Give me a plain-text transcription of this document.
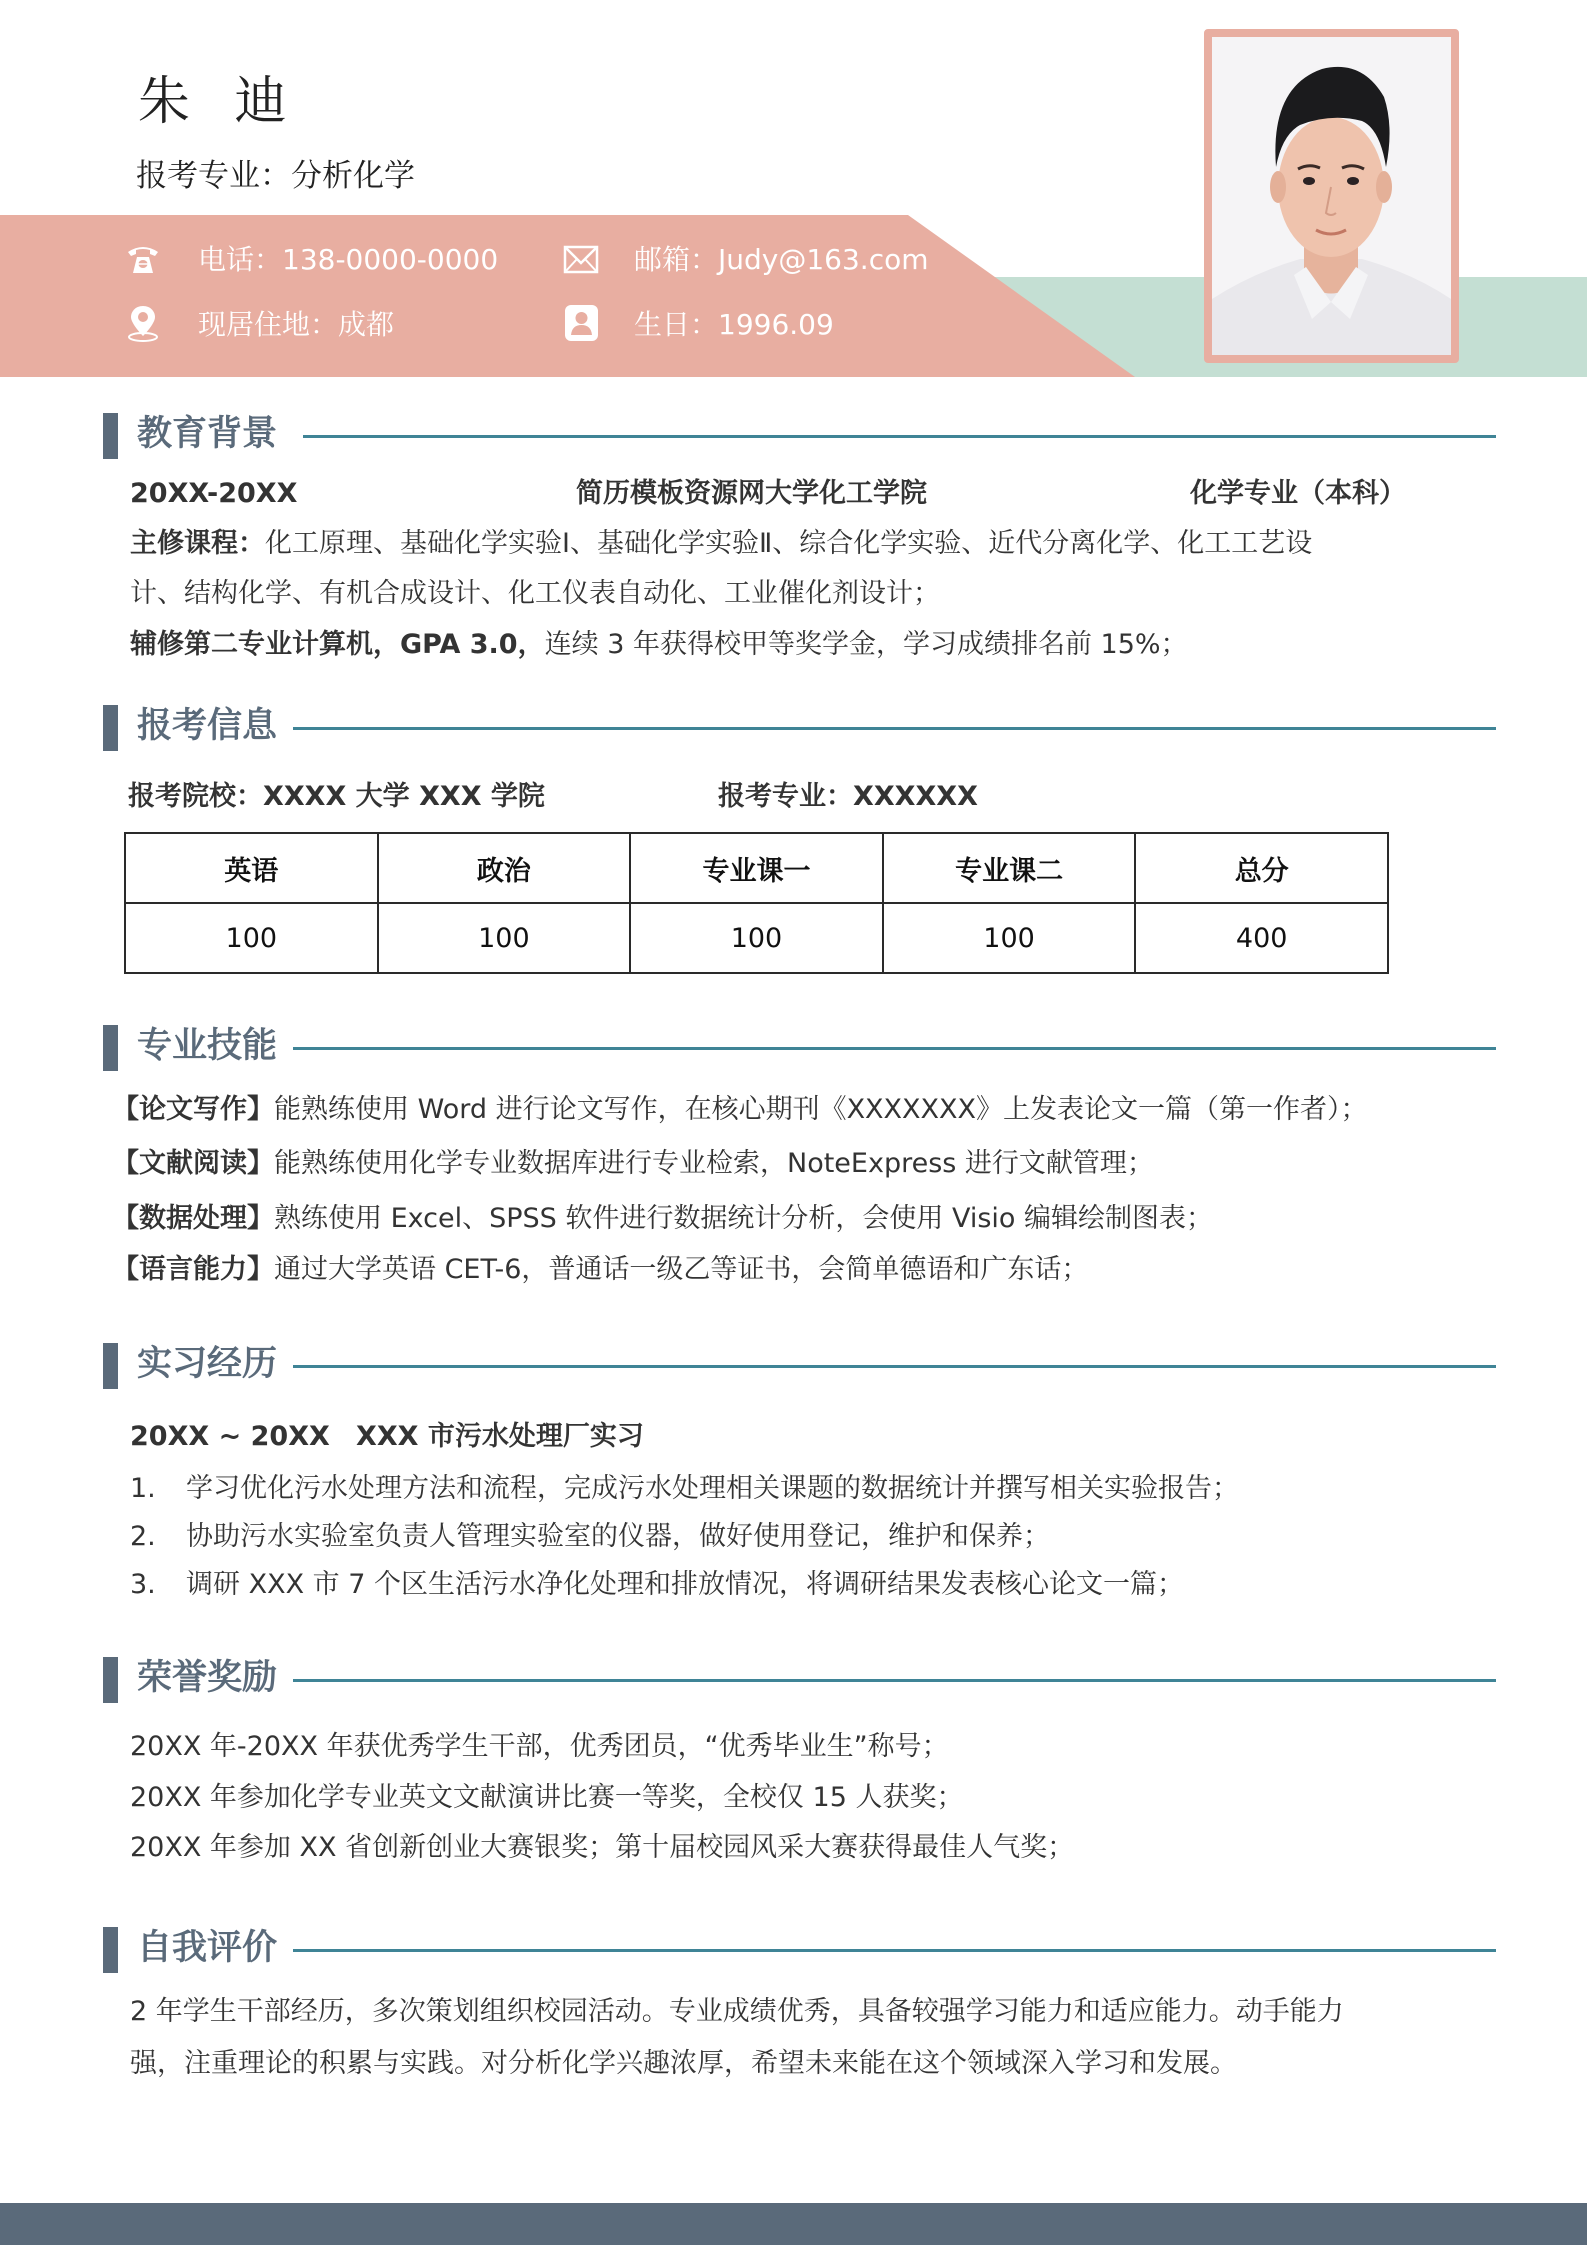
朱 迪
报考专业：分析化学
电话：138-0000-0000	邮箱：Judy@163.com
现居住地：成都	生日：1996.09
教育背景
20XX-20XX	简历模板资源网大学化工学院	化学专业（本科）
主修课程：化工原理、基础化学实验Ⅰ、基础化学实验Ⅱ、综合化学实验、近代分离化学、化工工艺设
计、结构化学、有机合成设计、化工仪表自动化、工业催化剂设计；
辅修第二专业计算机，GPA 3.0，连续 3 年获得校甲等奖学金，学习成绩排名前 15%；
报考信息
报考院校：XXXX 大学 XXX 学院	报考专业：XXXXXX
英语	政治	专业课一	专业课二	总分
100	100	100	100	400
专业技能
【论文写作】能熟练使用 Word 进行论文写作，在核心期刊《XXXXXXX》上发表论文一篇（第一作者）；
【文献阅读】能熟练使用化学专业数据库进行专业检索，NoteExpress 进行文献管理；
【数据处理】熟练使用 Excel、SPSS 软件进行数据统计分析，会使用 Visio 编辑绘制图表；
【语言能力】通过大学英语 CET-6，普通话一级乙等证书，会简单德语和广东话；
实习经历
20XX ~ 20XX XXX 市污水处理厂实习
1. 学习优化污水处理方法和流程，完成污水处理相关课题的数据统计并撰写相关实验报告；
2. 协助污水实验室负责人管理实验室的仪器，做好使用登记，维护和保养；
3. 调研 XXX 市 7 个区生活污水净化处理和排放情况，将调研结果发表核心论文一篇；
荣誉奖励
20XX 年-20XX 年获优秀学生干部，优秀团员，“优秀毕业生”称号；
20XX 年参加化学专业英文文献演讲比赛一等奖，全校仅 15 人获奖；
20XX 年参加 XX 省创新创业大赛银奖；第十届校园风采大赛获得最佳人气奖；
自我评价
2 年学生干部经历，多次策划组织校园活动。专业成绩优秀，具备较强学习能力和适应能力。动手能力
强，注重理论的积累与实践。对分析化学兴趣浓厚，希望未来能在这个领域深入学习和发展。
